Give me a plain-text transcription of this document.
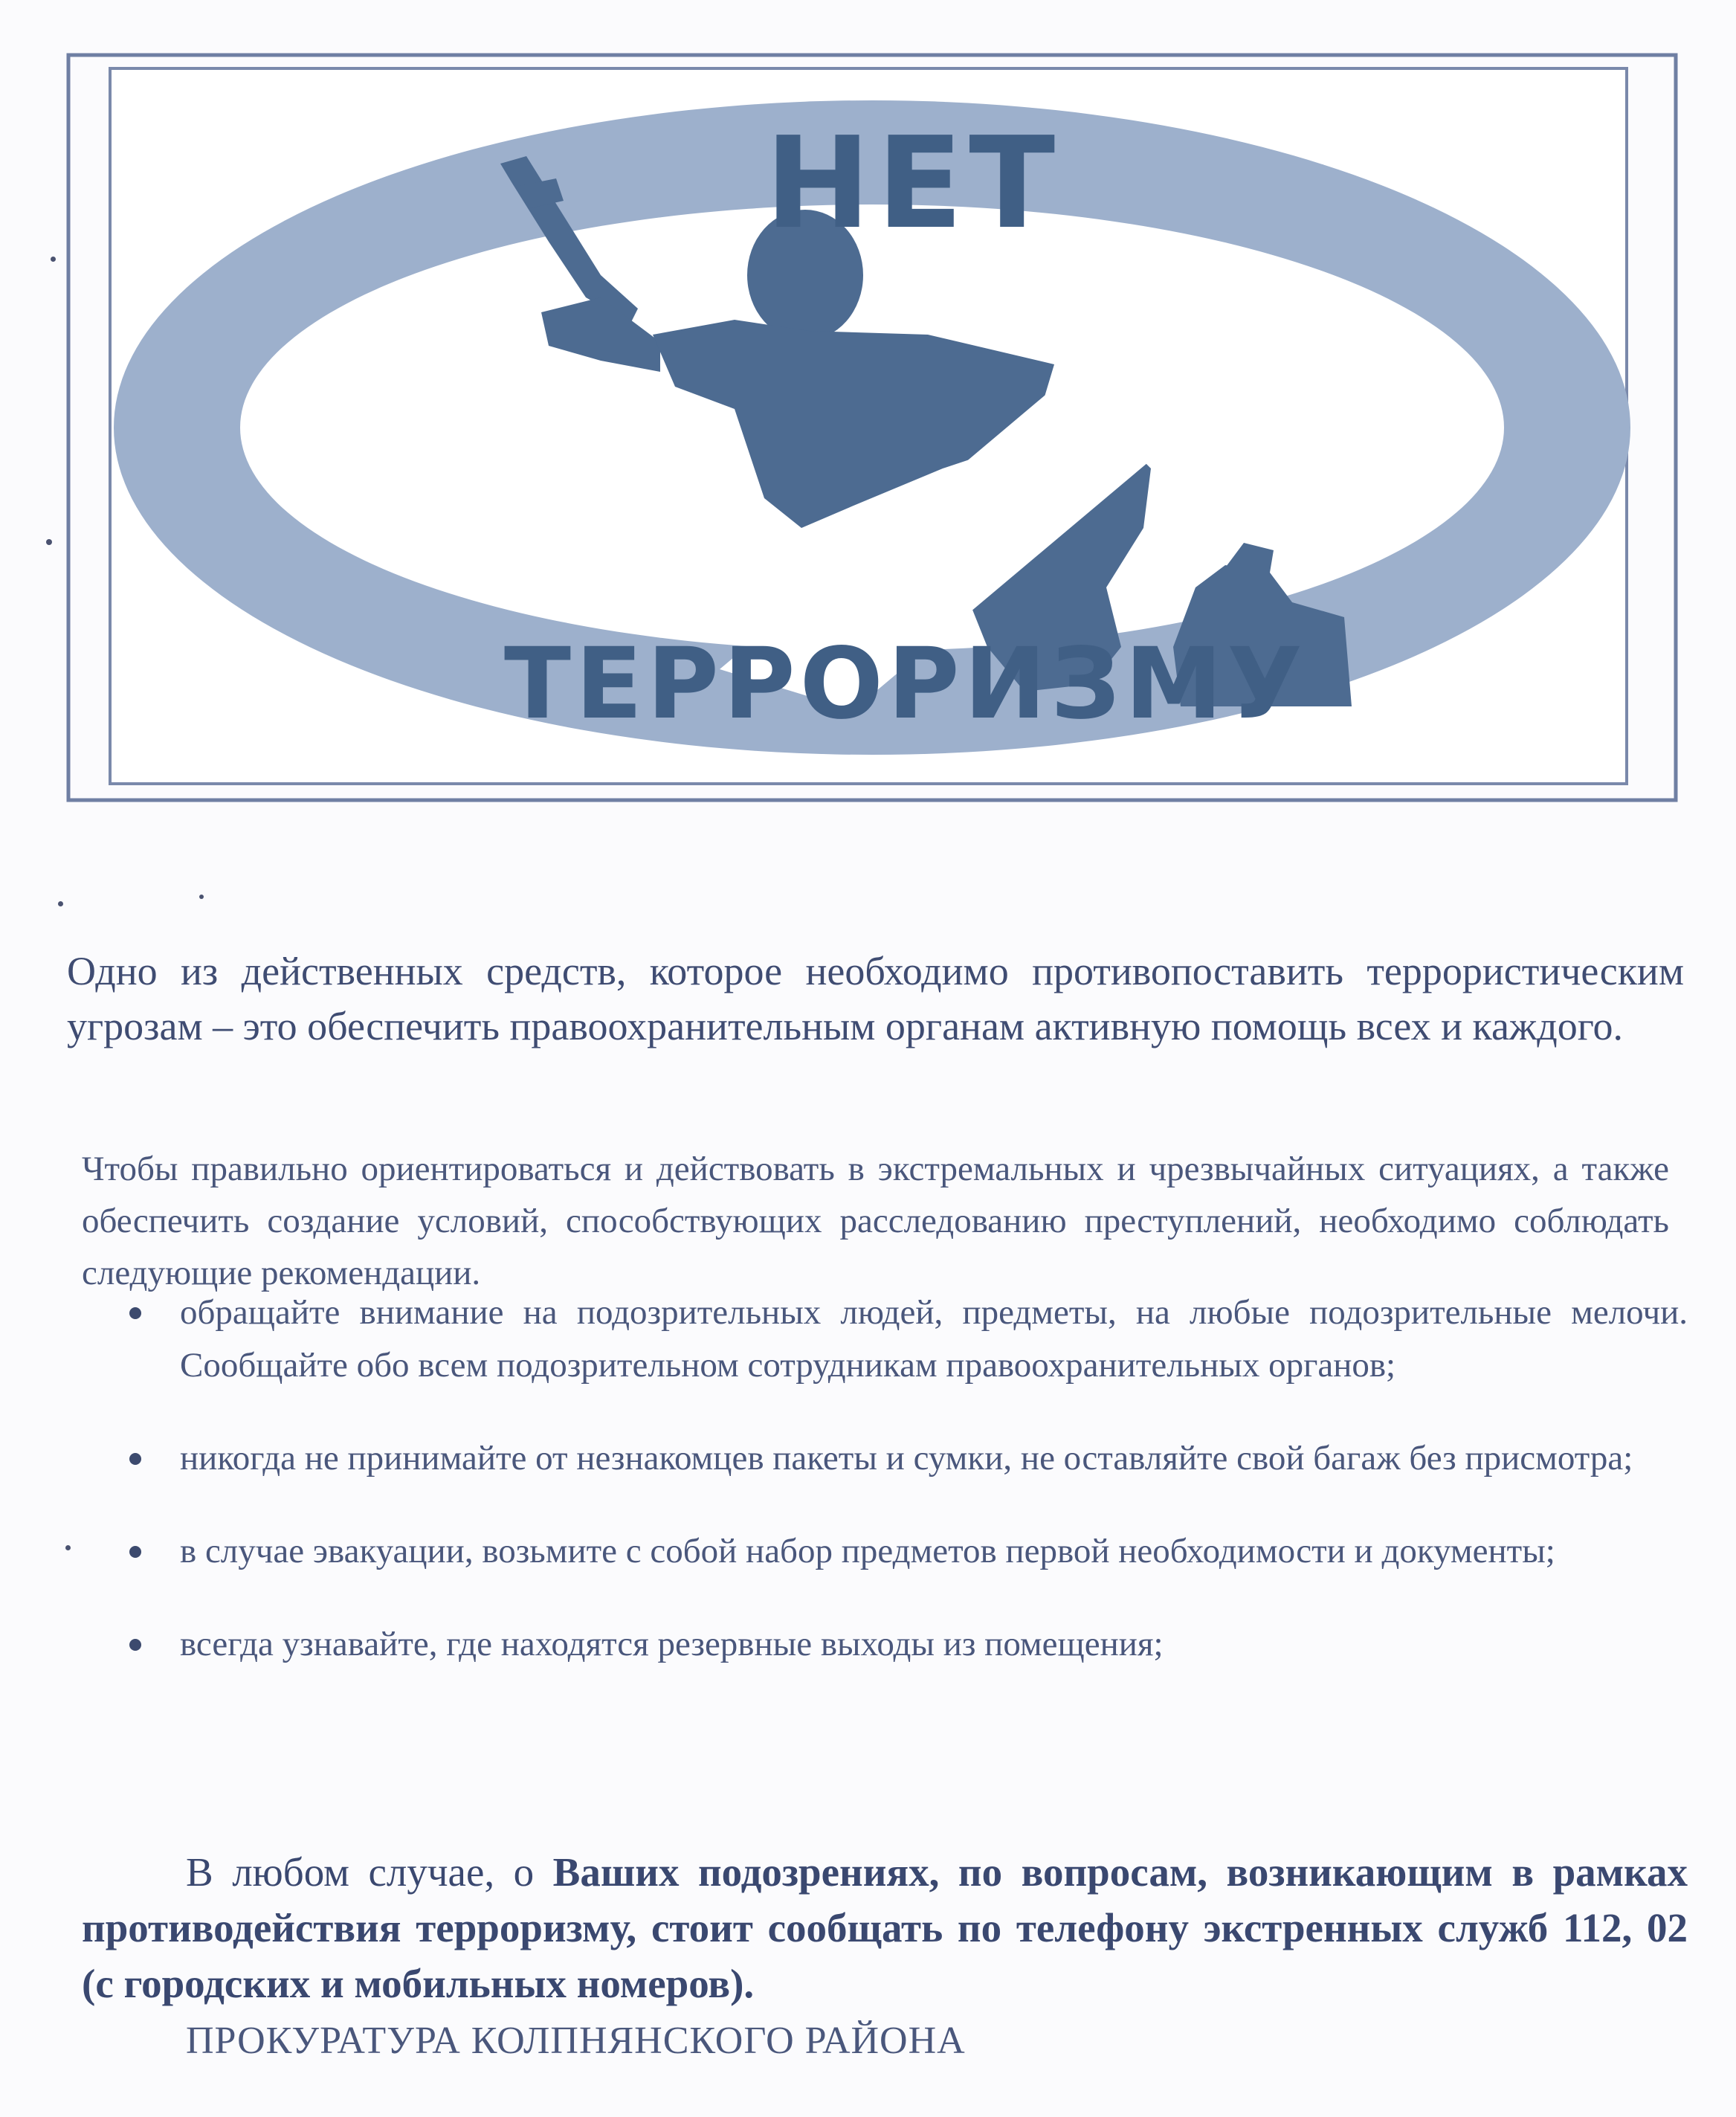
НЕТ
ТЕРРОРИЗМУ

Одно из действенных средств, которое необходимо противопоставить террористическим угрозам – это обеспечить правоохранительным органам активную помощь всех и каждого.

Чтобы правильно ориентироваться и действовать в экстремальных и чрезвычайных ситуациях, а также обеспечить создание условий, способствующих расследованию преступлений, необходимо соблюдать следующие рекомендации.

обращайте внимание на подозрительных людей, предметы, на любые подозрительные мелочи. Сообщайте обо всем подозрительном сотрудникам правоохранительных органов;
никогда не принимайте от незнакомцев пакеты и сумки, не оставляйте свой багаж без присмотра;
в случае эвакуации, возьмите с собой набор предметов первой необходимости и документы;
всегда узнавайте, где находятся резервные выходы из помещения;

В любом случае, о Ваших подозрениях, по вопросам, возникающим в рамках противодействия терроризму, стоит сообщать по телефону экстренных служб 112, 02 (с городских и мобильных номеров).

ПРОКУРАТУРА КОЛПНЯНСКОГО РАЙОНА
